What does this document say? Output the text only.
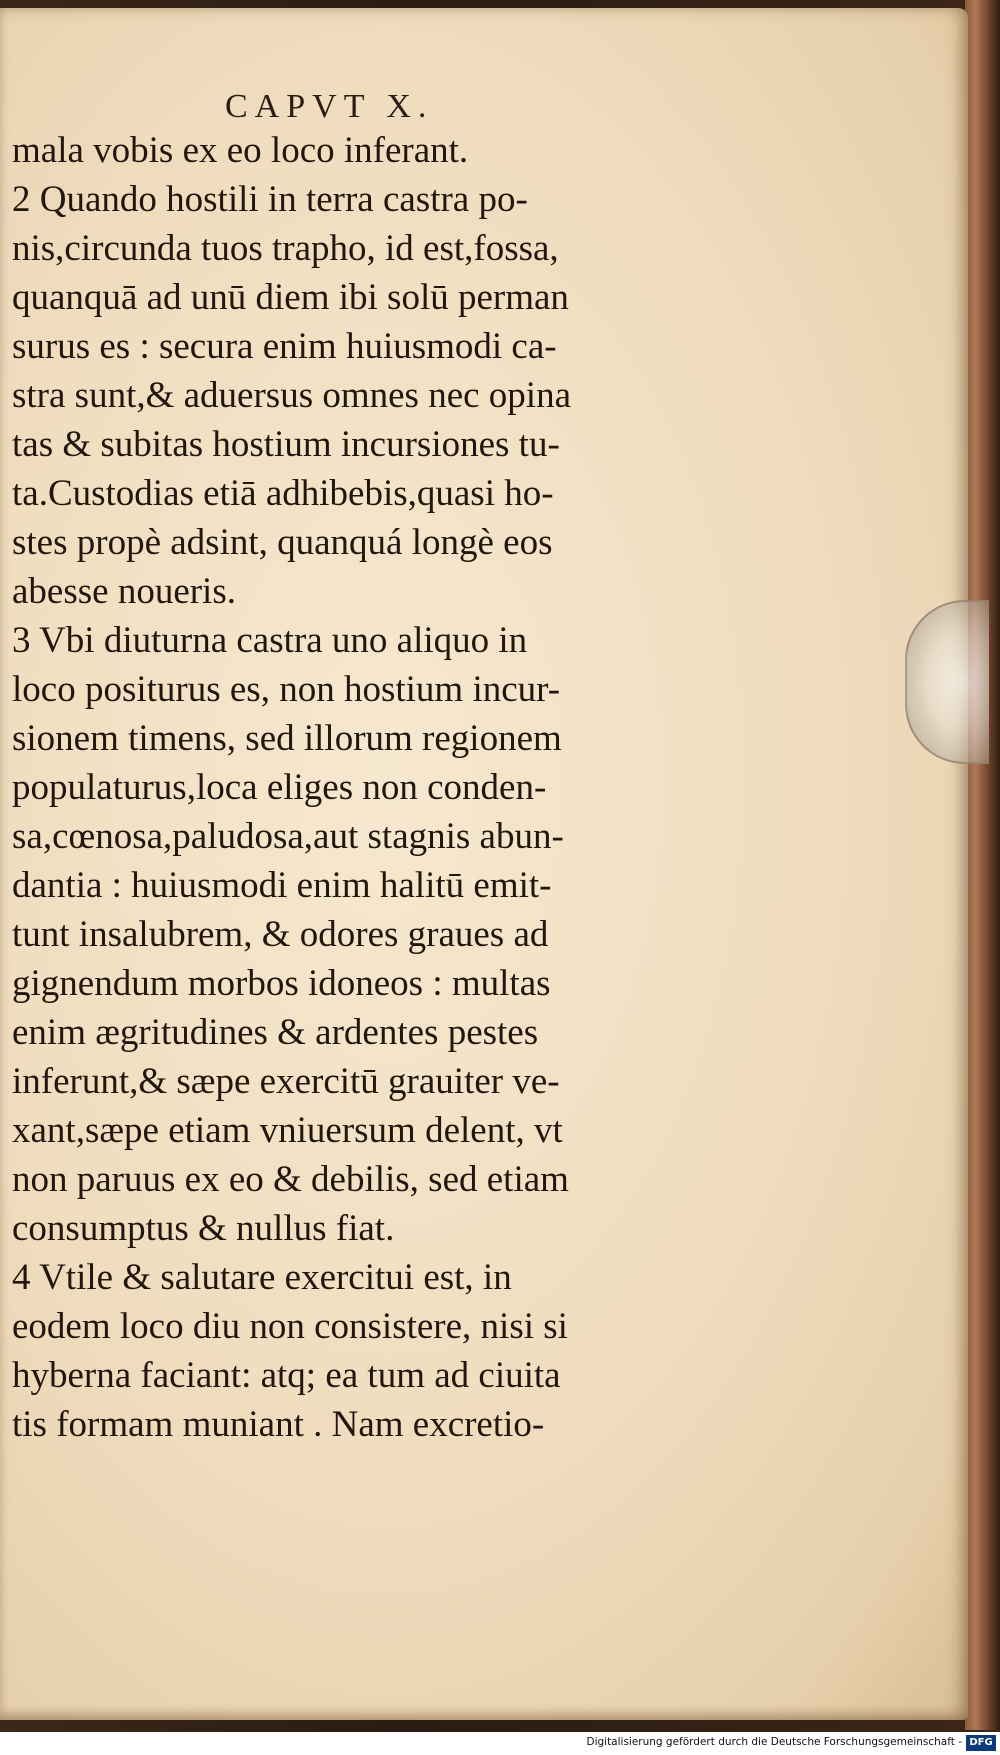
CAPVT X.
mala vobis ex eo loco inferant.
2 Quando hostili in terra castra po-
nis,circunda tuos trapho, id est,fossa,
quanquā ad unū diem ibi solū perman
surus es : secura enim huiusmodi ca-
stra sunt,& aduersus omnes nec opina
tas & subitas hostium incursiones tu-
ta.Custodias etiā adhibebis,quasi ho-
stes propè adsint, quanquá longè eos
abesse noueris.
3 Vbi diuturna castra uno aliquo in
loco positurus es, non hostium incur-
sionem timens, sed illorum regionem
populaturus,loca eliges non conden-
sa,cœnosa,paludosa,aut stagnis abun-
dantia : huiusmodi enim halitū emit-
tunt insalubrem, & odores graues ad
gignendum morbos idoneos : multas
enim ægritudines & ardentes pestes
inferunt,& sæpe exercitū grauiter ve-
xant,sæpe etiam vniuersum delent, vt
non paruus ex eo & debilis, sed etiam
consumptus & nullus fiat.
4 Vtile & salutare exercitui est, in
eodem loco diu non consistere, nisi si
hyberna faciant: atq; ea tum ad ciuita
tis formam muniant . Nam excretio-
Digitalisierung gefördert durch die Deutsche Forschungsgemeinschaft - DFG
